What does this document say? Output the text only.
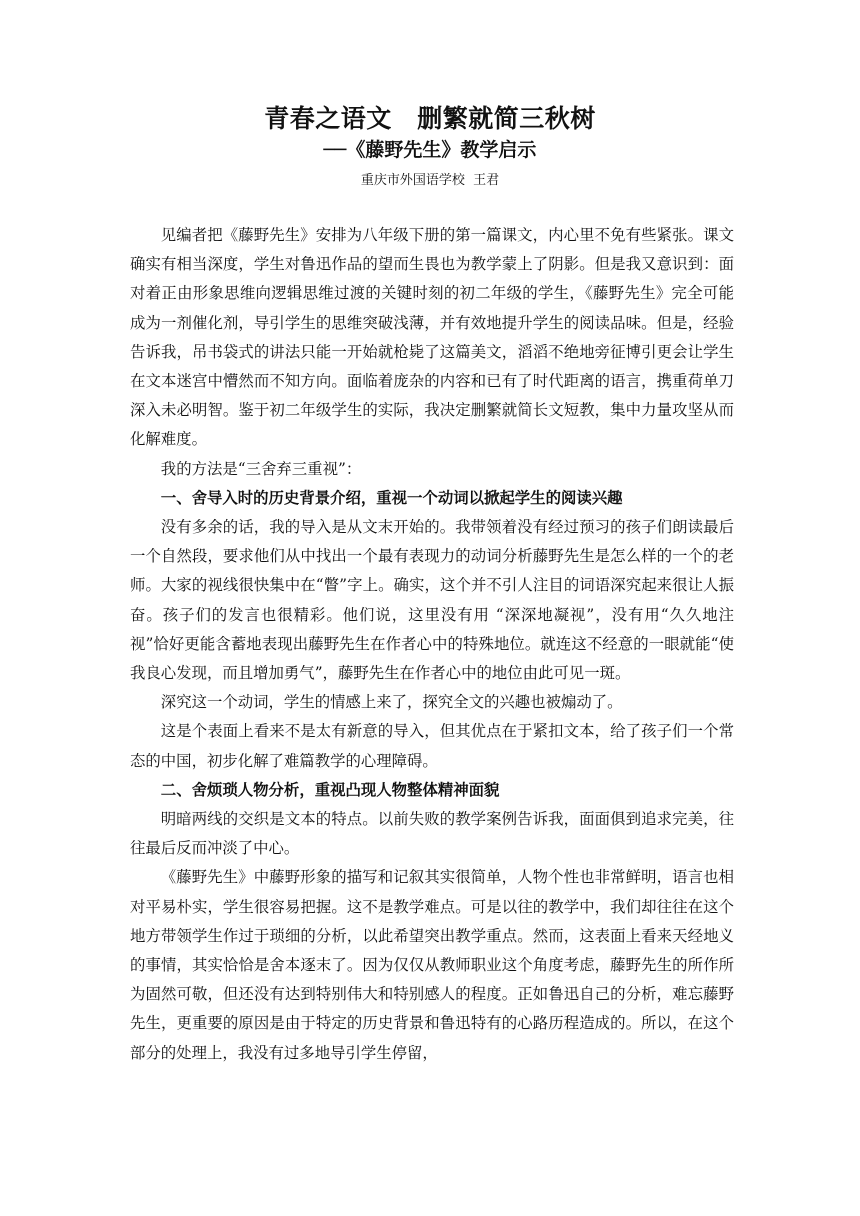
青春之语文　删繁就简三秋树
──《藤野先生》教学启示
重庆市外国语学校  王君

见编者把《藤野先生》安排为八年级下册的第一篇课文，内心里不免有些紧张。课文确实有相当深度，学生对鲁迅作品的望而生畏也为教学蒙上了阴影。但是我又意识到：面对着正由形象思维向逻辑思维过渡的关键时刻的初二年级的学生，《藤野先生》完全可能成为一剂催化剂，导引学生的思维突破浅薄，并有效地提升学生的阅读品味。但是，经验告诉我，吊书袋式的讲法只能一开始就枪毙了这篇美文，滔滔不绝地旁征博引更会让学生在文本迷宫中懵然而不知方向。面临着庞杂的内容和已有了时代距离的语言，携重荷单刀深入未必明智。鉴于初二年级学生的实际，我决定删繁就简长文短教，集中力量攻坚从而化解难度。

我的方法是“三舍弃三重视”：

一、舍导入时的历史背景介绍，重视一个动词以掀起学生的阅读兴趣

没有多余的话，我的导入是从文末开始的。我带领着没有经过预习的孩子们朗读最后一个自然段，要求他们从中找出一个最有表现力的动词分析藤野先生是怎么样的一个的老师。大家的视线很快集中在“瞥”字上。确实，这个并不引人注目的词语深究起来很让人振奋。孩子们的发言也很精彩。他们说，这里没有用 “深深地凝视”，没有用“久久地注视”恰好更能含蓄地表现出藤野先生在作者心中的特殊地位。就连这不经意的一眼就能“使我良心发现，而且增加勇气”，藤野先生在作者心中的地位由此可见一斑。

深究这一个动词，学生的情感上来了，探究全文的兴趣也被煽动了。

这是个表面上看来不是太有新意的导入，但其优点在于紧扣文本，给了孩子们一个常态的中国，初步化解了难篇教学的心理障碍。

二、舍烦琐人物分析，重视凸现人物整体精神面貌

明暗两线的交织是文本的特点。以前失败的教学案例告诉我，面面俱到追求完美，往往最后反而冲淡了中心。

《藤野先生》中藤野形象的描写和记叙其实很简单，人物个性也非常鲜明，语言也相对平易朴实，学生很容易把握。这不是教学难点。可是以往的教学中，我们却往往在这个地方带领学生作过于琐细的分析，以此希望突出教学重点。然而，这表面上看来天经地义的事情，其实恰恰是舍本逐末了。因为仅仅从教师职业这个角度考虑，藤野先生的所作所为固然可敬，但还没有达到特别伟大和特别感人的程度。正如鲁迅自己的分析，难忘藤野先生，更重要的原因是由于特定的历史背景和鲁迅特有的心路历程造成的。所以，在这个部分的处理上，我没有过多地导引学生停留，
